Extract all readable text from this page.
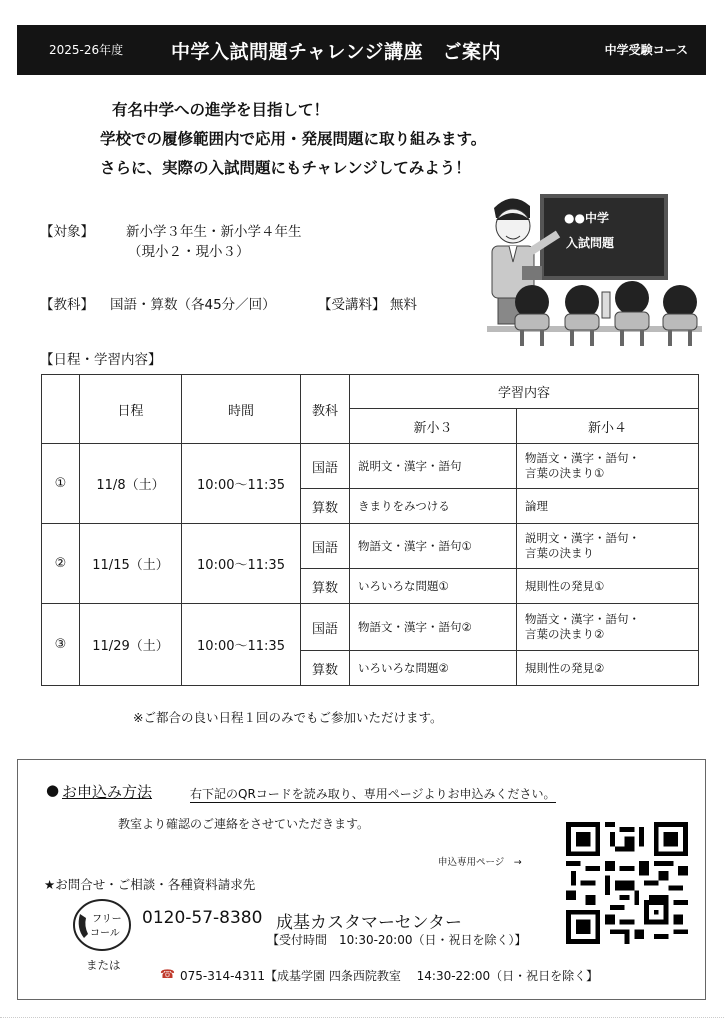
2025-26年度	中学入試問題チャレンジ講座　ご案内	中学受験コース
有名中学への進学を目指して！
学校での履修範囲内で応用・発展問題に取り組みます。
さらに、実際の入試問題にもチャレンジしてみよう！
【対象】 新小学３年生・新小学４年生
（現小２・現小３）
【教科】 国語・算数（各45分／回）	【受講料】 無料
●●中学
入試問題
【日程・学習内容】
	日程	時間	教科	学習内容	
				新小３	新小４
①	11/8（土）	10:00～11:35	国語	説明文・漢字・語句	物語文・漢字・語句・
言葉の決まり①
			算数	きまりをみつける	論理
②	11/15（土）	10:00～11:35	国語	物語文・漢字・語句①	説明文・漢字・語句・
言葉の決まり
			算数	いろいろな問題①	規則性の発見①
③	11/29（土）	10:00～11:35	国語	物語文・漢字・語句②	物語文・漢字・語句・
言葉の決まり②
			算数	いろいろな問題②	規則性の発見②
※ご都合の良い日程１回のみでもご参加いただけます。
● お申込み方法	右下記のQRコードを読み取り、専用ページよりお申込みください。
教室より確認のご連絡をさせていただきます。
申込専用ページ　→
★お問合せ・ご相談・各種資料請求先
フリー
コール
0120-57-8380 成基カスタマーセンター
【受付時間　10:30-20:00（日・祝日を除く）】
または
☎ 075-314-4311【成基学園 四条西院教室　 14:30-22:00（日・祝日を除く】
